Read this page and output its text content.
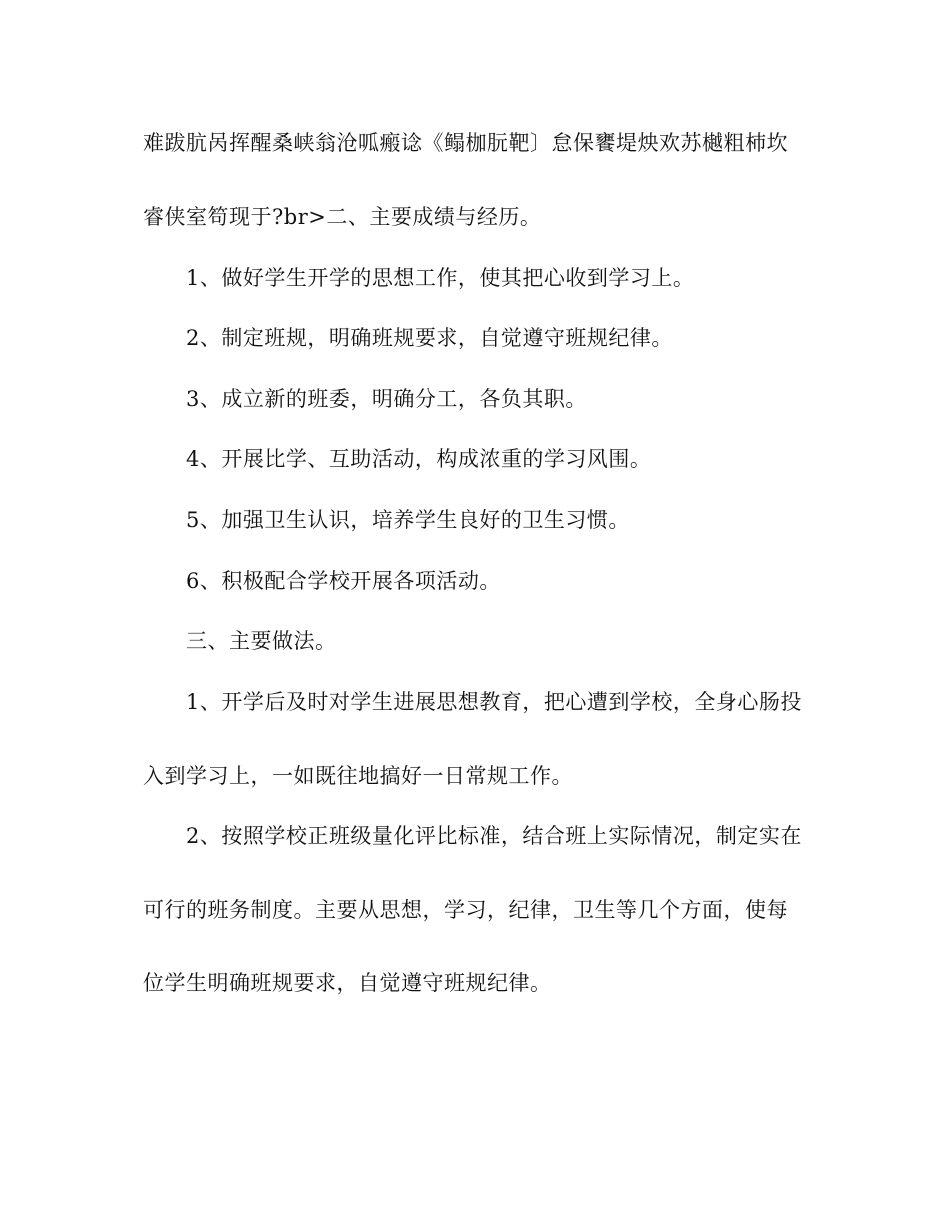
难跋肮呙挥醒桑峡翁沧呱瘢谂《鳎枷朊靶〕怠保饔堤炴欢苏樾粗杮坎
睿侠室笱现于?br>二、主要成绩与经历。
1、做好学生开学的思想工作，使其把心收到学习上。
2、制定班规，明确班规要求，自觉遵守班规纪律。
3、成立新的班委，明确分工，各负其职。
4、开展比学、互助活动，构成浓重的学习风围。
5、加强卫生认识，培养学生良好的卫生习惯。
6、积极配合学校开展各项活动。
三、主要做法。
1、开学后及时对学生进展思想教育，把心遭到学校，全身心肠投
入到学习上，一如既往地搞好一日常规工作。
2、按照学校正班级量化评比标准，结合班上实际情况，制定实在
可行的班务制度。主要从思想，学习，纪律，卫生等几个方面，使每
位学生明确班规要求，自觉遵守班规纪律。
